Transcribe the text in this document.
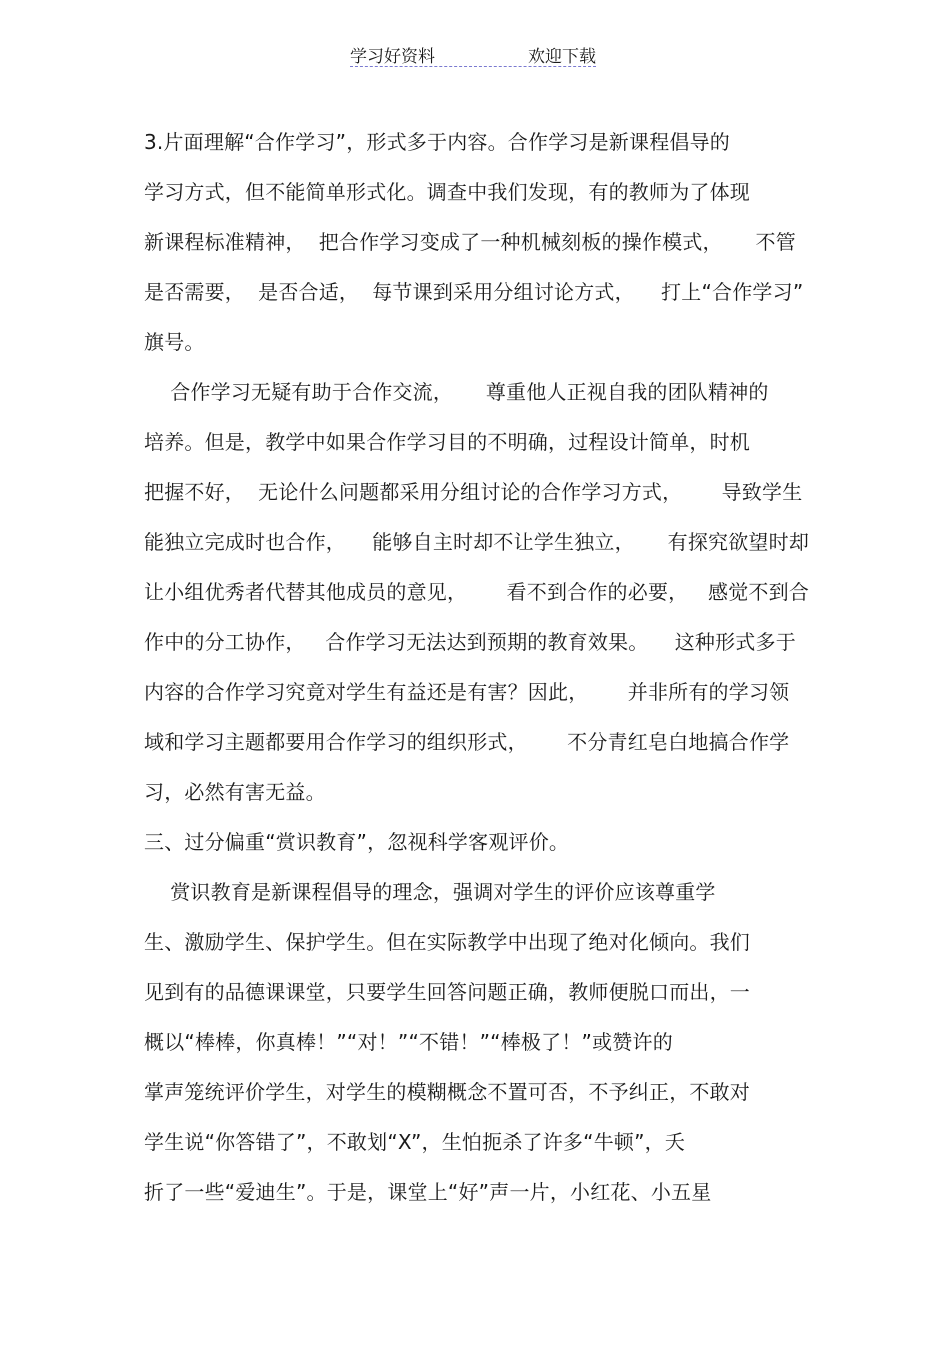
学习好资料	欢迎下载
3.片面理解“合作学习”，形式多于内容。合作学习是新课程倡导的
学习方式，但不能简单形式化。调查中我们发现，有的教师为了体现
新课程标准精神，  把合作学习变成了一种机械刻板的操作模式，     不管
是否需要，  是否合适，  每节课到采用分组讨论方式，    打上“合作学习”
旗号。
合作学习无疑有助于合作交流，     尊重他人正视自我的团队精神的
培养。但是，教学中如果合作学习目的不明确，过程设计简单，时机
把握不好，  无论什么问题都采用分组讨论的合作学习方式，      导致学生
能独立完成时也合作，    能够自主时却不让学生独立，     有探究欲望时却
让小组优秀者代替其他成员的意见，      看不到合作的必要，   感觉不到合
作中的分工协作，   合作学习无法达到预期的教育效果。    这种形式多于
内容的合作学习究竟对学生有益还是有害？因此，      并非所有的学习领
域和学习主题都要用合作学习的组织形式，      不分青红皂白地搞合作学
习，必然有害无益。
三、过分偏重“赏识教育”，忽视科学客观评价。
赏识教育是新课程倡导的理念，强调对学生的评价应该尊重学
生、激励学生、保护学生。但在实际教学中出现了绝对化倾向。我们
见到有的品德课课堂，只要学生回答问题正确，教师便脱口而出，一
概以“棒棒，你真棒！”“对！”“不错！”“棒极了！”或赞许的
掌声笼统评价学生，对学生的模糊概念不置可否，不予纠正，不敢对
学生说“你答错了”，不敢划“X”，生怕扼杀了许多“牛顿”，夭
折了一些“爱迪生”。于是，课堂上“好”声一片，小红花、小五星
